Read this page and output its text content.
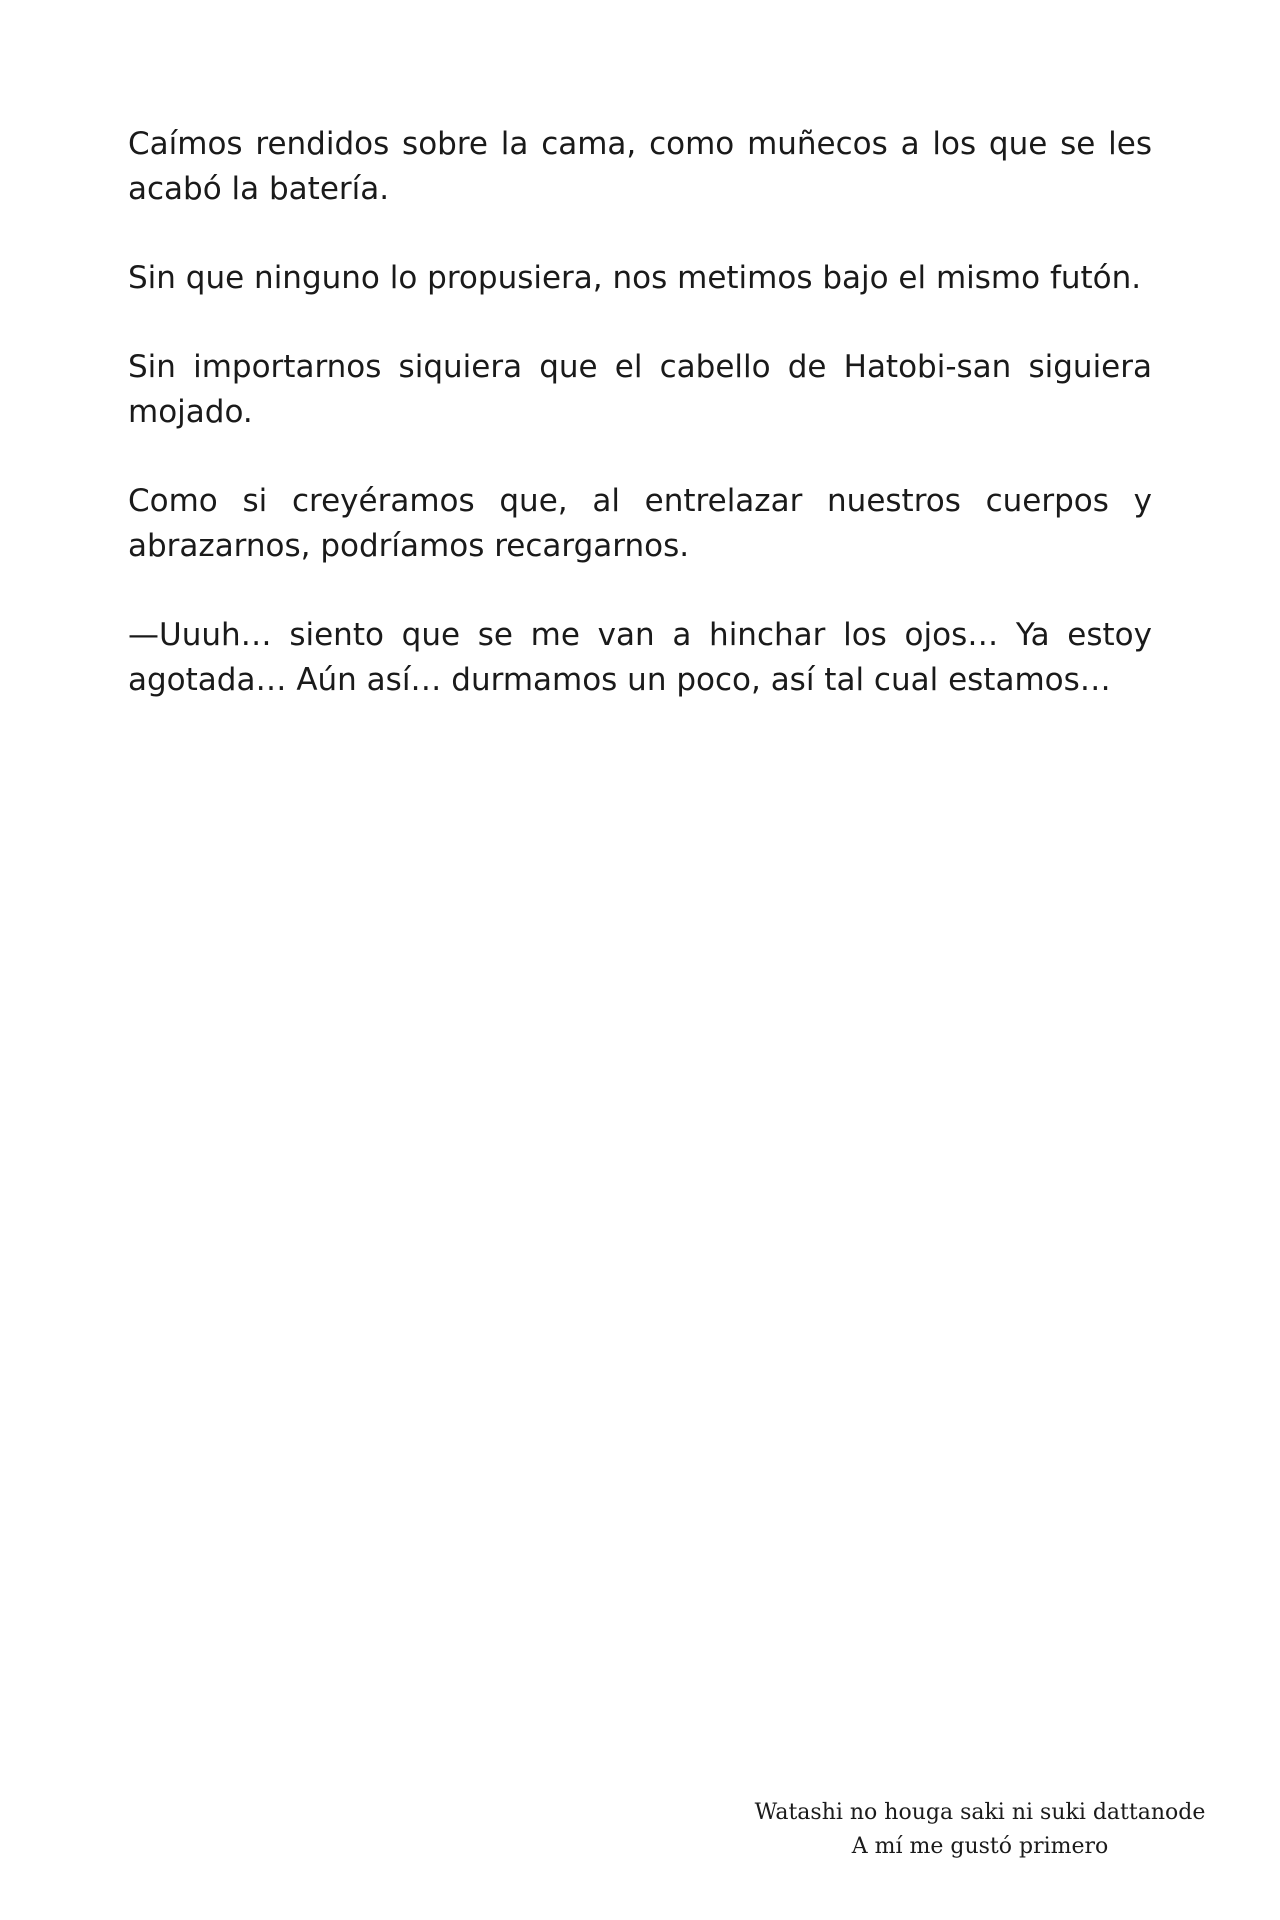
Caímos rendidos sobre la cama, como muñecos a los que se les acabó la batería.

Sin que ninguno lo propusiera, nos metimos bajo el mismo futón.

Sin importarnos siquiera que el cabello de Hatobi-san siguiera mojado.

Como si creyéramos que, al entrelazar nuestros cuerpos y abrazarnos, podríamos recargarnos.

—Uuuh… siento que se me van a hinchar los ojos… Ya estoy agotada… Aún así… durmamos un poco, así tal cual estamos…

Watashi no houga saki ni suki dattanode
A mí me gustó primero
